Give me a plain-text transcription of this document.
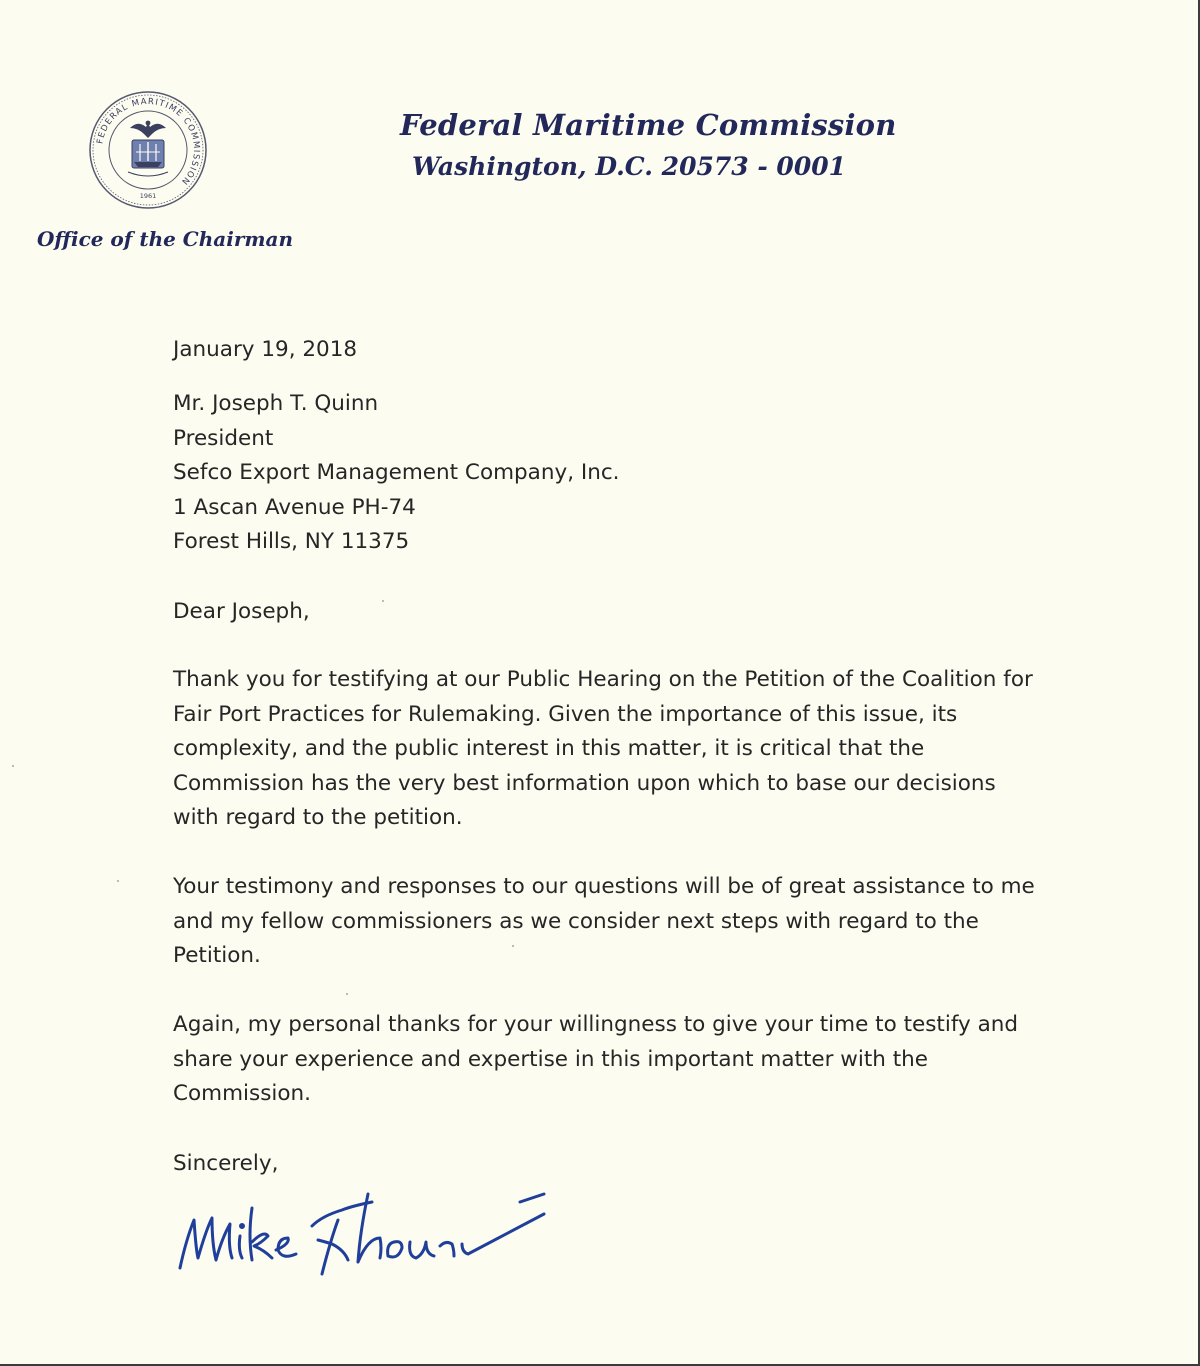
FEDERAL MARITIME COMMISSION
1961
Federal Maritime Commission
Washington, D.C. 20573 - 0001
Office of the Chairman
January 19, 2018
Mr. Joseph T. Quinn
President
Sefco Export Management Company, Inc.
1 Ascan Avenue PH-74
Forest Hills, NY 11375
Dear Joseph,
Thank you for testifying at our Public Hearing on the Petition of the Coalition for Fair Port Practices for Rulemaking. Given the importance of this issue, its complexity, and the public interest in this matter, it is critical that the Commission has the very best information upon which to base our decisions with regard to the petition.
Your testimony and responses to our questions will be of great assistance to me and my fellow commissioners as we consider next steps with regard to the Petition.
Again, my personal thanks for your willingness to give your time to testify and share your experience and expertise in this important matter with the Commission.
Sincerely,
